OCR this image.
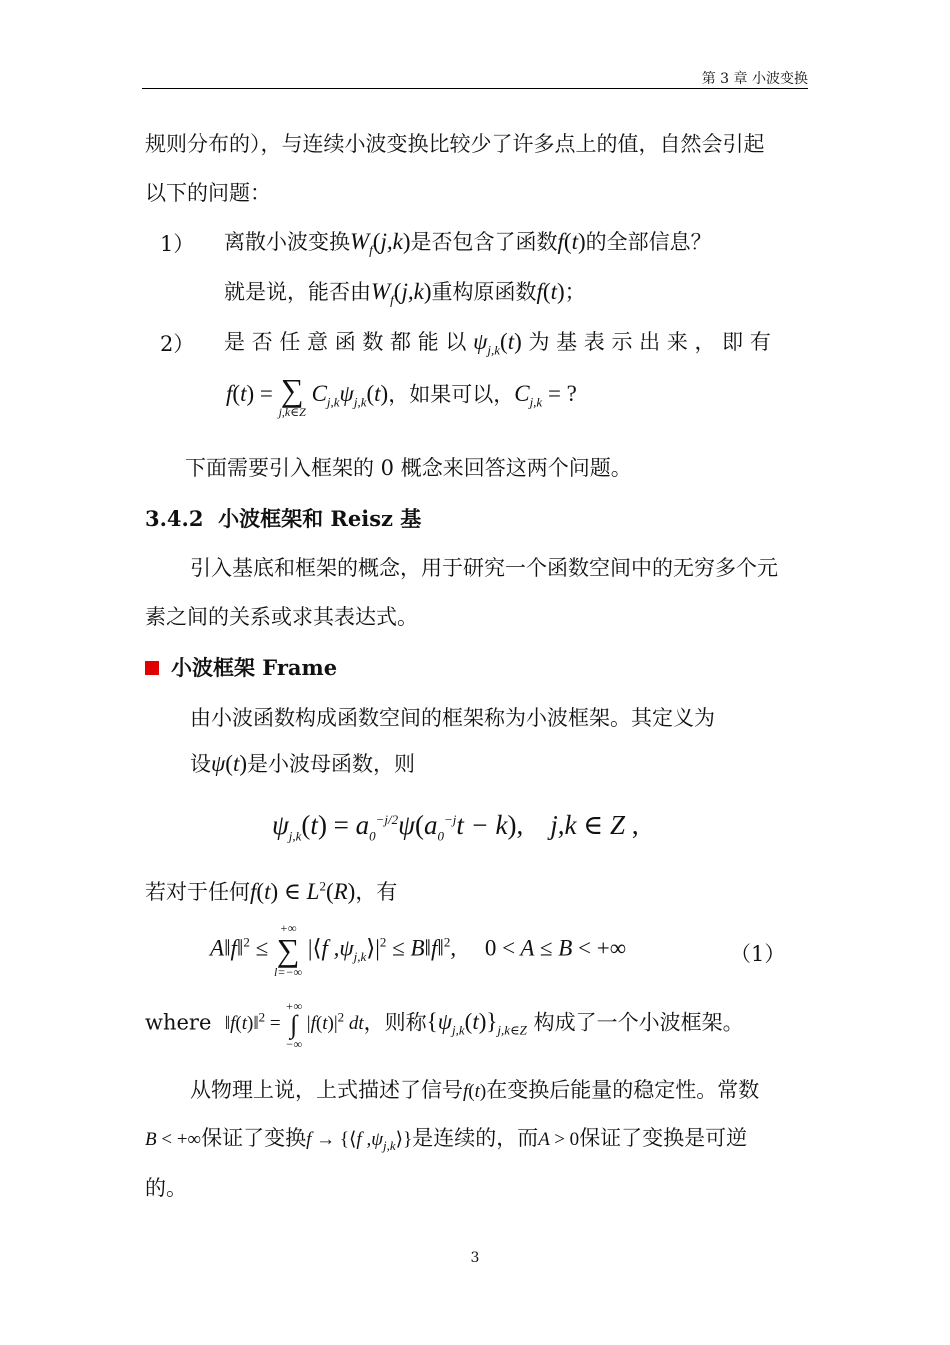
第 3 章 小波变换
规则分布的），与连续小波变换比较少了许多点上的值，自然会引起
以下的问题：
1） 离散小波变换$W_f(j,k)$是否包含了函数f(t)的全部信息？
就是说，能否由$W_f(j,k)$重构原函数f(t)；
2） 是 否 任 意 函 数 都 能 以 $\psi_{j,k}(t)$ 为 基 表 示 出 来 ， 即 有
f(t) = ∑
j,k∈Z
$C_{j,k}\psi_{j,k}(t)$，如果可以，$C_{j,k}$ = ?
下面需要引入框架的 0 概念来回答这两个问题。
3.4.2 小波框架和 Reisz 基
引入基底和框架的概念，用于研究一个函数空间中的无穷多个元
素之间的关系或求其表达式。
小波框架 Frame
由小波函数构成函数空间的框架称为小波框架。其定义为
设ψ(t)是小波母函数，则
$\psi_{j,k}(t) = a_0^{-j/2}\psi(a_0^{-j}t - k)$,    j,k ∈ Z ,
若对于任何f(t) ∈ $L^2(R)$，有
A‖f‖$^2$ ≤
+∞
∑
l=−∞
|⟨f $,\psi_{j,k}⟩|^2$ ≤ B‖f‖$^2$, 0 < A ≤ B < +∞	（1）
where ‖f(t)‖$^2$ =
+∞
∫
−∞
$|f(t)|^2$ dt，则称$\{\psi_{j,k}(t)\}_{j,k\in Z}$ 构成了一个小波框架。
从物理上说，上式描述了信号f(t)在变换后能量的稳定性。常数
B < +∞保证了变换f → {⟨f $,\psi_{j,k}⟩$}是连续的，而A > 0保证了变换是可逆
的。
3
